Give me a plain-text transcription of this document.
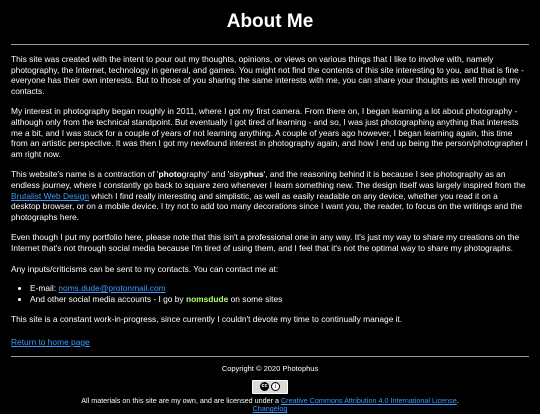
About Me

This site was created with the intent to pour out my thoughts, opinions, or views on various things that I like to involve with, namely photography, the Internet, technology in general, and games. You might not find the contents of this site interesting to you, and that is fine - everyone has their own interests. But to those of you sharing the same interests with me, you can share your thoughts as well through my contacts.

My interest in photography began roughly in 2011, where I got my first camera. From there on, I began learning a lot about photography - although only from the technical standpoint. But eventually I got tired of learning - and so, I was just photographing anything that interests me a bit, and I was stuck for a couple of years of not learning anything. A couple of years ago however, I began learning again, this time from an artistic perspective. It was then I got my newfound interest in photography again, and how I end up being the person/photographer I am right now.

This website's name is a contraction of 'photography' and 'sisyphus', and the reasoning behind it is because I see photography as an endless journey, where I constantly go back to square zero whenever I learn something new. The design itself was largely inspired from the Brutalist Web Design which I find really interesting and simplistic, as well as easily readable on any device, whether you read it on a desktop browser, or on a mobile device. I try not to add too many decorations since I want you, the reader, to focus on the writings and the photographs here.

Even though I put my portfolio here, please note that this isn't a professional one in any way. It's just my way to share my creations on the Internet that's not through social media because I'm tired of using them, and I feel that it's not the optimal way to share my photographs.

Any inputs/criticisms can be sent to my contacts. You can contact me at:

• E-mail: noms.dude@protonmail.com
• And other social media accounts - I go by nomsdude on some sites

This site is a constant work-in-progress, since currently I couldn't devote my time to continually manage it.

Return to home page

Copyright © 2020 Photophus
cc	i
All materials on this site are my own, and are licensed under a Creative Commons Attribution 4.0 International License.
Changelog
